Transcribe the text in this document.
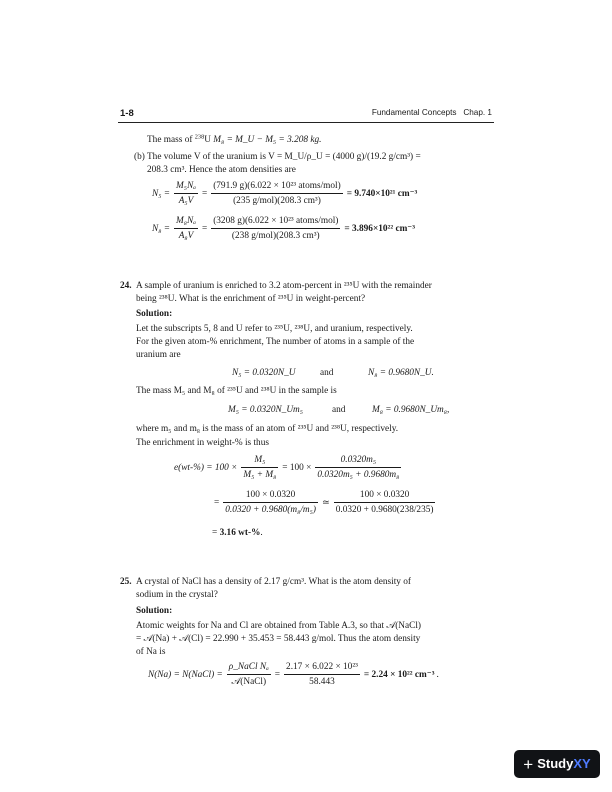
1-8	Fundamental Concepts Chap. 1
The mass of $^{238}$U M₈ = M_U − M₅ = 3.208 kg.
(b) The volume V of the uranium is V = M_U/ρ_U = (4000 g)/(19.2 g/cm³) =
208.3 cm³. Hence the atom densities are
$N_5 = \frac{\text{M₅Nₐ}}{\text{A₅V}} = \frac{\text{(791.9 g)(6.022 × 10²³ atoms/mol)}}{\text{(235 g/mol)(208.3 cm³)}} = 9.740\times 10^{21}$ cm⁻³
$N_8 = \frac{\text{M₈Nₐ}}{\text{A₈V}} = \frac{\text{(3208 g)(6.022 × 10²³ atoms/mol)}}{\text{(238 g/mol)(208.3 cm³)}} = 3.896\times 10^{22}$ cm⁻³
24. A sample of uranium is enriched to 3.2 atom-percent in ²³⁵U with the remainder
being ²³⁸U. What is the enrichment of ²³⁵U in weight-percent?
Solution:
Let the subscripts 5, 8 and U refer to ²³⁵U, ²³⁸U, and uranium, respectively.
For the given atom-% enrichment, The number of atoms in a sample of the
uranium are
N₅ = 0.0320N_U	and	N₈ = 0.9680N_U.
The mass M₅ and M₈ of ²³⁵U and ²³⁸U in the sample is
M₅ = 0.0320N_Um₅	and	M₈ = 0.9680N_Um₈,
where m₅ and m₈ is the mass of an atom of ²³⁵U and ²³⁸U, respectively.
The enrichment in weight-% is thus
$e(wt-\%) = 100 \times \frac{\text{M₅}}{\text{M₅ + M₈}} = 100 \times \frac{\text{0.0320m₅}}{\text{0.0320m₅ + 0.9680m₈}}$
= $\frac{100 \times 0.0320}{\text{0.0320 + 0.9680(m₈/m₅)}}$ ≃ $\frac{100 \times 0.0320}{0.0320 + 0.9680(238/235)}$
= 3.16 wt-%.
25. A crystal of NaCl has a density of 2.17 g/cm³. What is the atom density of
sodium in the crystal?
Solution:
Atomic weights for Na and Cl are obtained from Table A.3, so that 𝒜(NaCl)
= 𝒜(Na) + 𝒜(Cl) = 22.990 + 35.453 = 58.443 g/mol. Thus the atom density
of Na is
N(Na) = N(NaCl) = $\frac{\text{ρ\_NaCl Nₐ}}{\text{𝒜(NaCl)}} = \frac{\text{2.17 × 6.022 × 10²³}}{58.443} = 2.24 \times 10^{22}$ cm⁻³ .
+ Study XY
